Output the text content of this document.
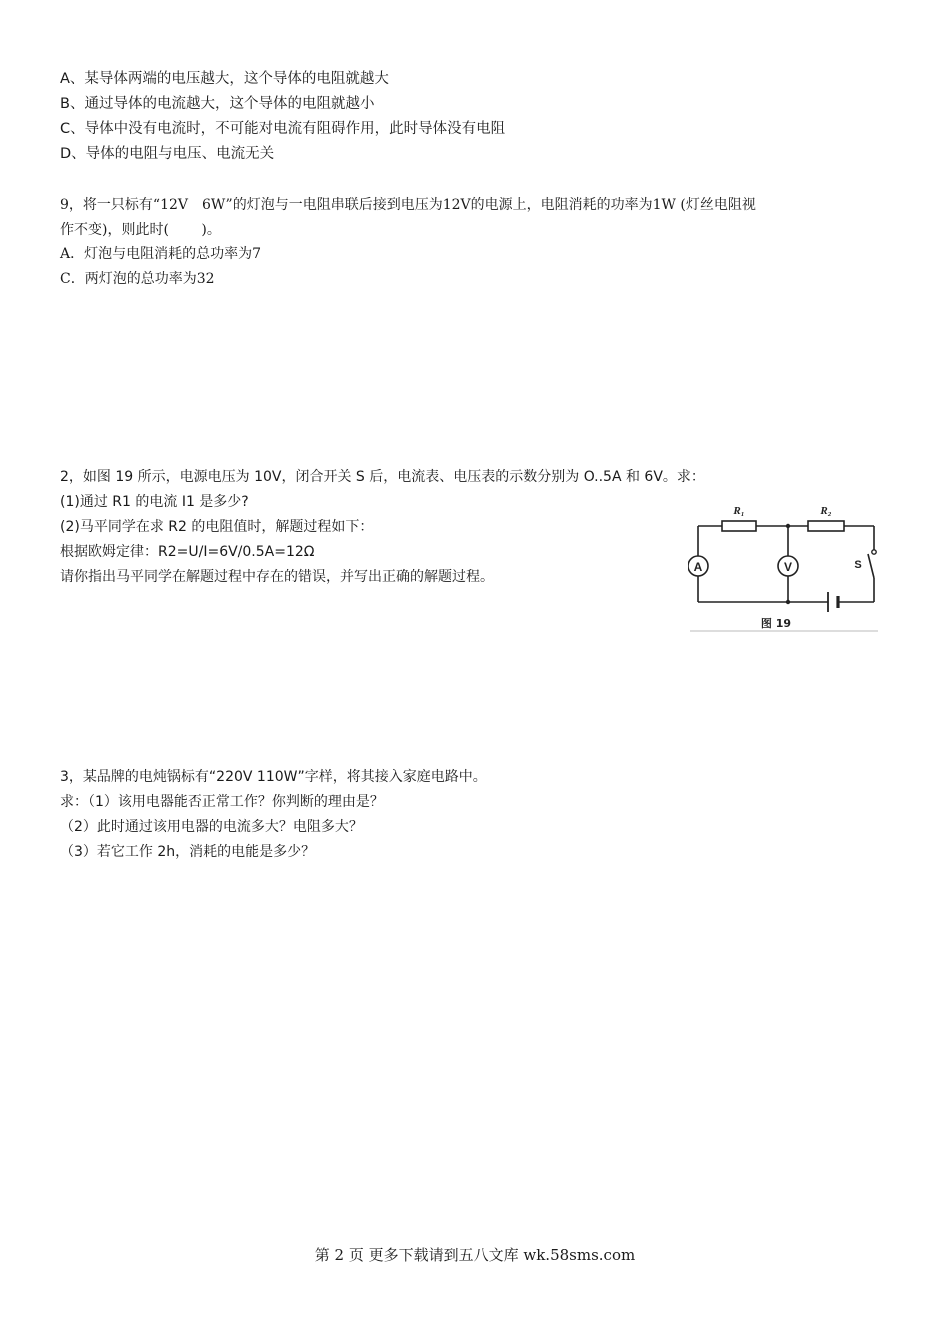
A、某导体两端的电压越大，这个导体的电阻就越大
B、通过导体的电流越大，这个导体的电阻就越小
C、导体中没有电流时，不可能对电流有阻碍作用，此时导体没有电阻
D、导体的电阻与电压、电流无关
9，将一只标有“12V　6W”的灯泡与一电阻串联后接到电压为12V的电源上，电阻消耗的功率为1W (灯丝电阻视
作不变)，则此时(　　 )。
A．灯泡与电阻消耗的总功率为7
C．两灯泡的总功率为32
2，如图 19 所示，电源电压为 10V，闭合开关 S 后，电流表、电压表的示数分别为 O..5A 和 6V。求：
(1)通过 R1 的电流 I1 是多少?
(2)马平同学在求 R2 的电阻值时，解题过程如下：
根据欧姆定律：R2=U/I=6V/0.5A=12Ω
请你指出马平同学在解题过程中存在的错误，并写出正确的解题过程。
A	V
R₁	R₂
S
图 19
3，某品牌的电炖锅标有“220V 110W”字样，将其接入家庭电路中。
求：（1）该用电器能否正常工作？你判断的理由是？
（2）此时通过该用电器的电流多大？电阻多大？
（3）若它工作 2h，消耗的电能是多少？
第 2 页 更多下载请到五八文库 wk.58sms.com
